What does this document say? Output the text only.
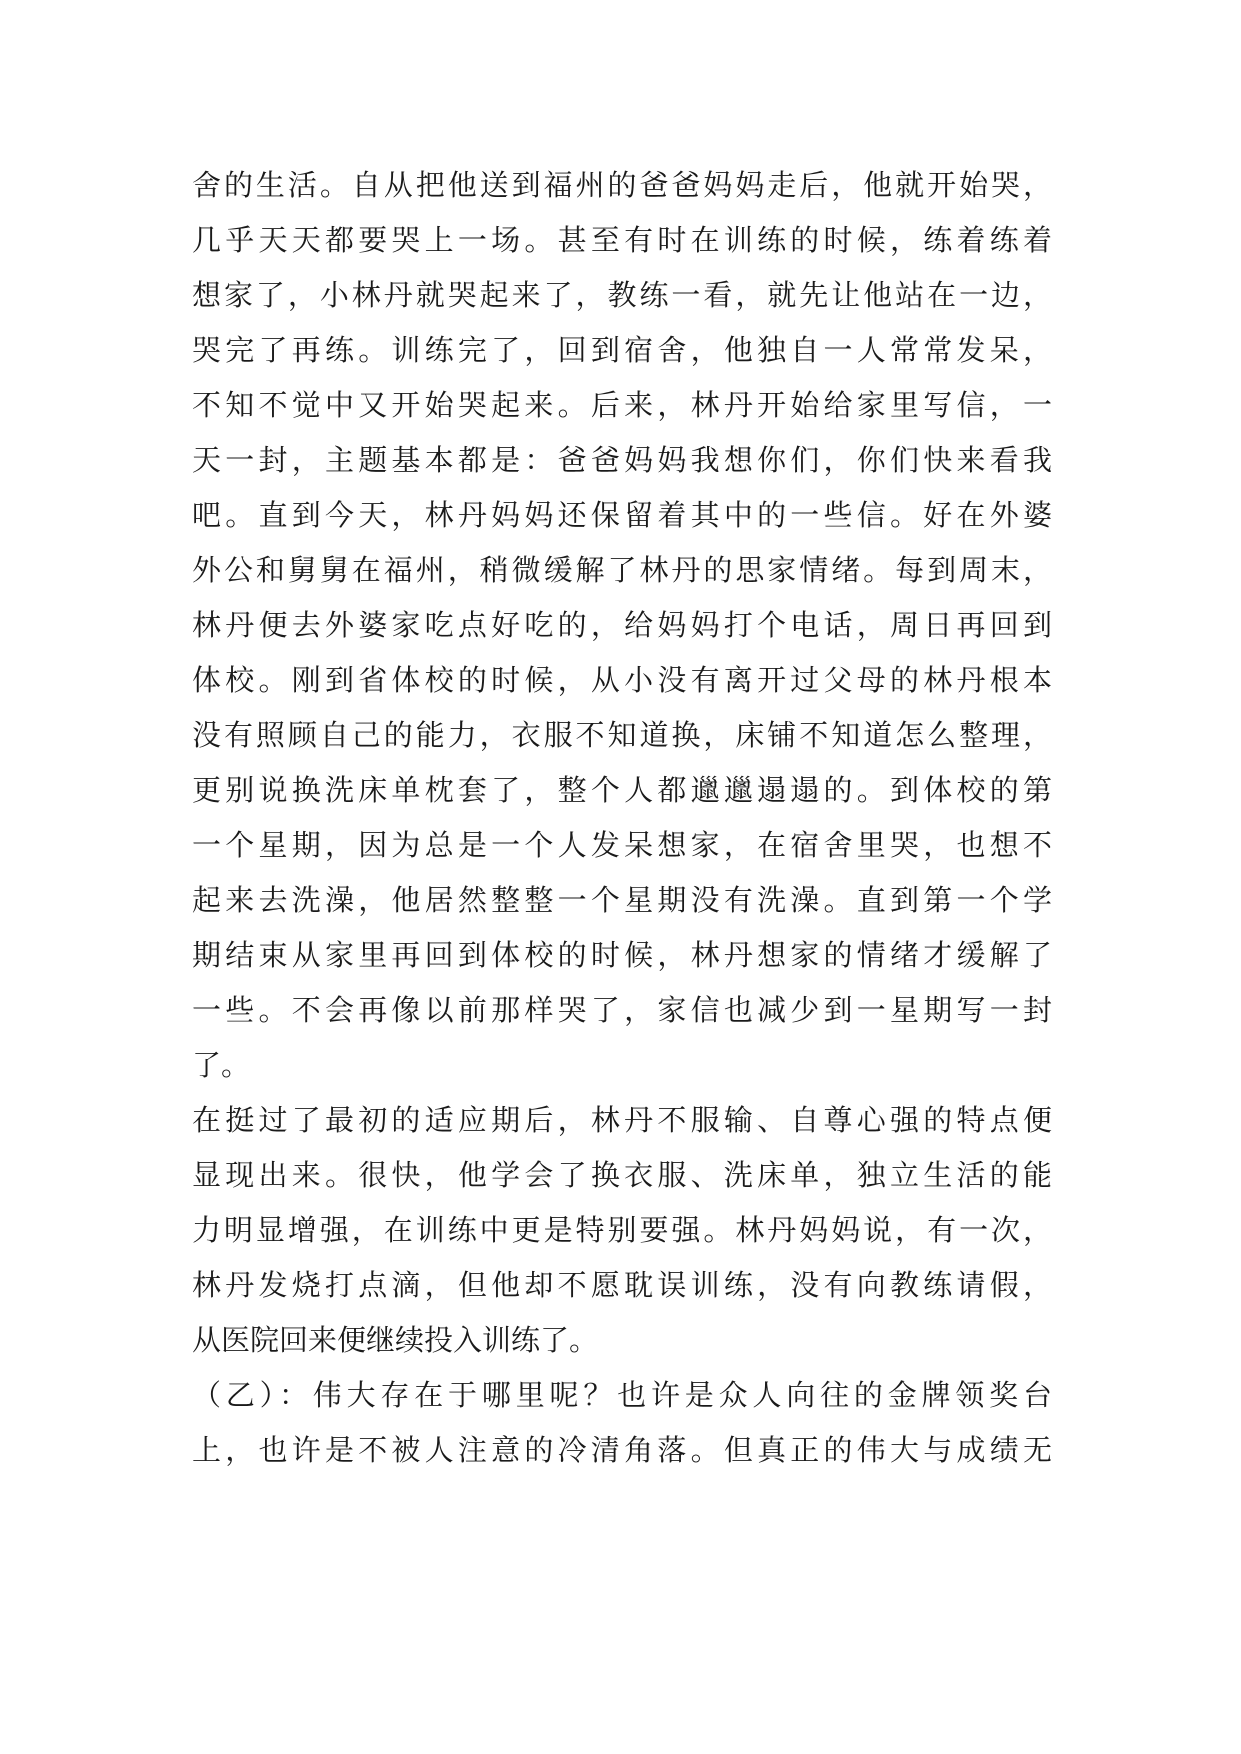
舍的生活。自从把他送到福州的爸爸妈妈走后，他就开始哭，
几乎天天都要哭上一场。甚至有时在训练的时候，练着练着
想家了，小林丹就哭起来了，教练一看，就先让他站在一边，
哭完了再练。训练完了，回到宿舍，他独自一人常常发呆，
不知不觉中又开始哭起来。后来，林丹开始给家里写信，一
天一封，主题基本都是：爸爸妈妈我想你们，你们快来看我
吧。直到今天，林丹妈妈还保留着其中的一些信。好在外婆
外公和舅舅在福州，稍微缓解了林丹的思家情绪。每到周末，
林丹便去外婆家吃点好吃的，给妈妈打个电话，周日再回到
体校。刚到省体校的时候，从小没有离开过父母的林丹根本
没有照顾自己的能力，衣服不知道换，床铺不知道怎么整理，
更别说换洗床单枕套了，整个人都邋邋遢遢的。到体校的第
一个星期，因为总是一个人发呆想家，在宿舍里哭，也想不
起来去洗澡，他居然整整一个星期没有洗澡。直到第一个学
期结束从家里再回到体校的时候，林丹想家的情绪才缓解了
一些。不会再像以前那样哭了，家信也减少到一星期写一封
了。
在挺过了最初的适应期后，林丹不服输、自尊心强的特点便
显现出来。很快，他学会了换衣服、洗床单，独立生活的能
力明显增强，在训练中更是特别要强。林丹妈妈说，有一次，
林丹发烧打点滴，但他却不愿耽误训练，没有向教练请假，
从医院回来便继续投入训练了。
（乙）：伟大存在于哪里呢？也许是众人向往的金牌领奖台
上，也许是不被人注意的冷清角落。但真正的伟大与成绩无
